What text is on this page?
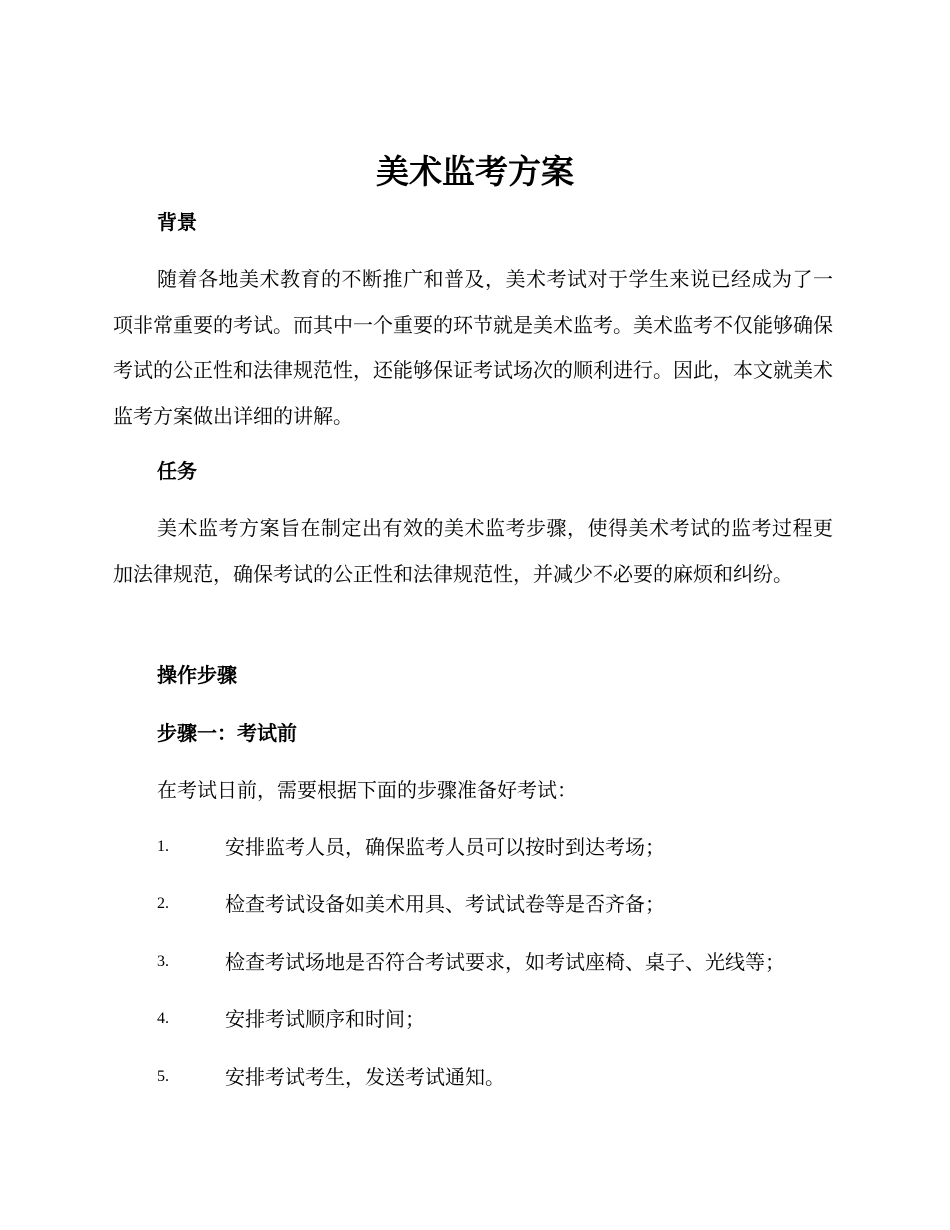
美术监考方案
背景
随着各地美术教育的不断推广和普及，美术考试对于学生来说已经成为了一项非常重要的考试。而其中一个重要的环节就是美术监考。美术监考不仅能够确保考试的公正性和法律规范性，还能够保证考试场次的顺利进行。因此，本文就美术监考方案做出详细的讲解。
任务
美术监考方案旨在制定出有效的美术监考步骤，使得美术考试的监考过程更加法律规范，确保考试的公正性和法律规范性，并减少不必要的麻烦和纠纷。
操作步骤
步骤一：考试前
在考试日前，需要根据下面的步骤准备好考试：
1.	安排监考人员，确保监考人员可以按时到达考场；
2.	检查考试设备如美术用具、考试试卷等是否齐备；
3.	检查考试场地是否符合考试要求，如考试座椅、桌子、光线等；
4.	安排考试顺序和时间；
5.	安排考试考生，发送考试通知。
